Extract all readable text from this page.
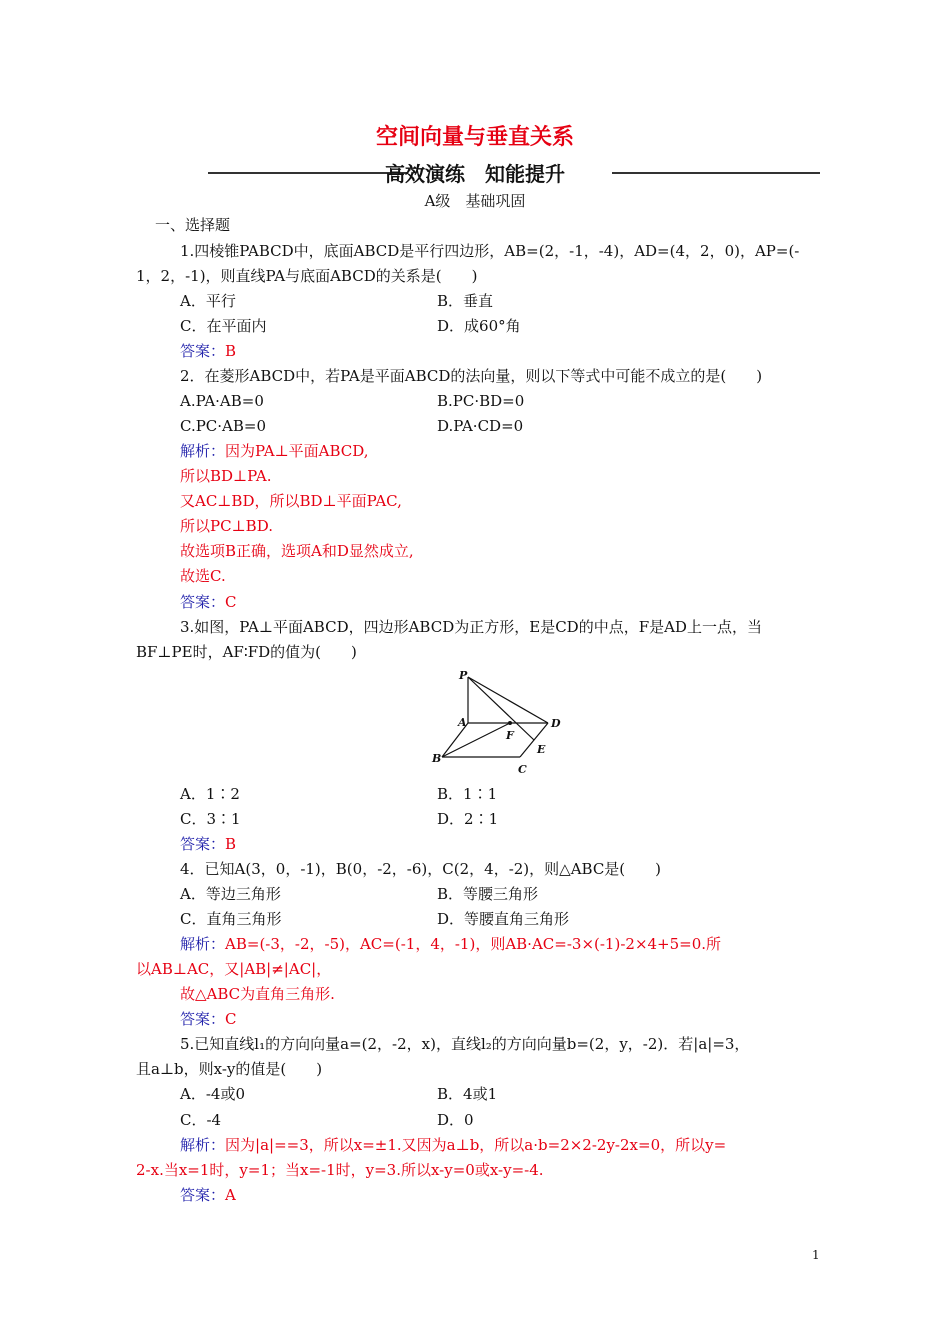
空间向量与垂直关系
高效演练　知能提升
A级　基础巩固
一、选择题
1.四棱锥PABCD中，底面ABCD是平行四边形，AB=(2，-1，-4)，AD=(4，2，0)，AP=(-
1，2，-1)，则直线PA与底面ABCD的关系是(　　)
A．平行	B．垂直
C．在平面内	D．成60°角
答案：B
2．在菱形ABCD中，若PA是平面ABCD的法向量，则以下等式中可能不成立的是(　　)
A.PA·AB=0	B.PC·BD=0
C.PC·AB=0	D.PA·CD=0
解析：因为PA⊥平面ABCD,
所以BD⊥PA.
又AC⊥BD，所以BD⊥平面PAC,
所以PC⊥BD.
故选项B正确，选项A和D显然成立,
故选C.
答案：C
3.如图，PA⊥平面ABCD，四边形ABCD为正方形，E是CD的中点，F是AD上一点，当
BF⊥PE时，AF∶FD的值为(　　)
P
A	D
F
E
B
C
A．1∶2	B．1∶1
C．3∶1	D．2∶1
答案：B
4．已知A(3，0，-1)，B(0，-2，-6)，C(2，4，-2)，则△ABC是(　　)
A．等边三角形	B．等腰三角形
C．直角三角形	D．等腰直角三角形
解析：AB=(-3，-2，-5)，AC=(-1，4，-1)，则AB·AC=-3×(-1)-2×4+5=0.所
以AB⊥AC，又|AB|≠|AC|，
故△ABC为直角三角形.
答案：C
5.已知直线l₁的方向向量a=(2，-2，x)，直线l₂的方向向量b=(2，y，-2)．若|a|=3，
且a⊥b，则x-y的值是(　　)
A．-4或0	B．4或1
C．-4	D．0
解析：因为|a|==3，所以x=±1.又因为a⊥b，所以a·b=2×2-2y-2x=0，所以y=
2-x.当x=1时，y=1；当x=-1时，y=3.所以x-y=0或x-y=-4.
答案：A
1
